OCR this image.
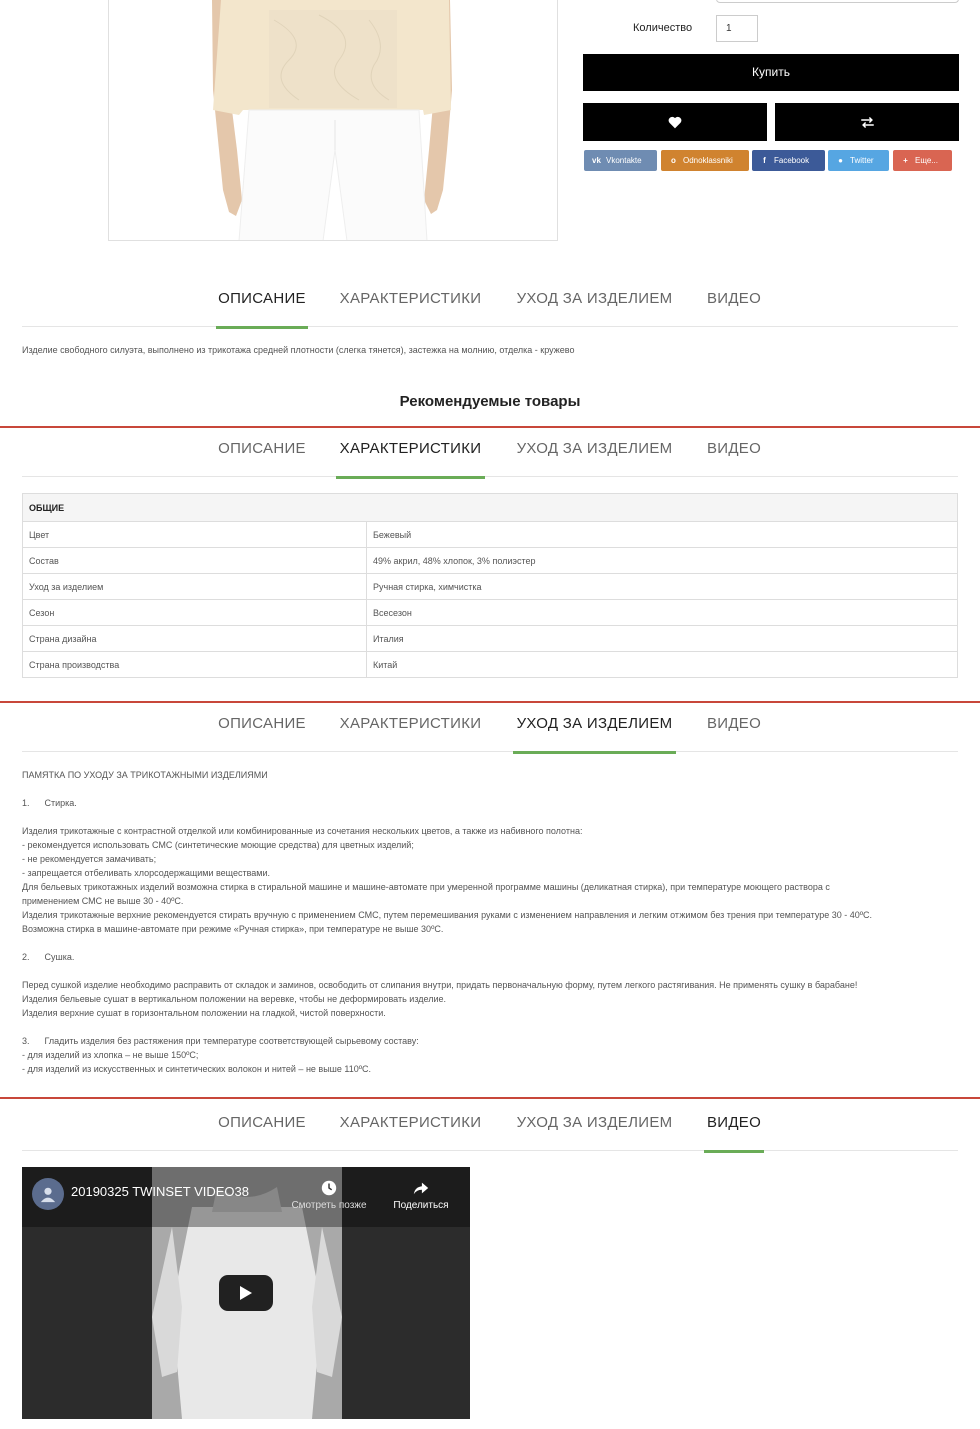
Количество	1
Купить
vk Vkontakte	о Odnoklassniki	f	Facebook	● Twitter	+ Еще...
ОПИСАНИЕ ХАРАКТЕРИСТИКИ УХОД ЗА ИЗДЕЛИЕМ ВИДЕО
Изделие свободного силуэта, выполнено из трикотажа средней плотности (слегка тянется), застежка на молнию, отделка - кружево
Рекомендуемые товары
ОПИСАНИЕ ХАРАКТЕРИСТИКИ УХОД ЗА ИЗДЕЛИЕМ ВИДЕО
ОБЩИЕ	
Цвет	Бежевый
Состав	49% акрил, 48% хлопок, 3% полиэстер
Уход за изделием	Ручная стирка, химчистка
Сезон	Всесезон
Страна дизайна	Италия
Страна производства	Китай
ОПИСАНИЕ ХАРАКТЕРИСТИКИ УХОД ЗА ИЗДЕЛИЕМ ВИДЕО
ПАМЯТКА ПО УХОДУ ЗА ТРИКОТАЖНЫМИ ИЗДЕЛИЯМИ
1.      Стирка.
Изделия трикотажные с контрастной отделкой или комбинированные из сочетания нескольких цветов, а также из набивного полотна:
- рекомендуется использовать СМС (синтетические моющие средства) для цветных изделий;
- не рекомендуется замачивать;
- запрещается отбеливать хлорсодержащими веществами.
Для бельевых трикотажных изделий возможна стирка в стиральной машине и машине-автомате при умеренной программе машины (деликатная стирка), при температуре моющего раствора с
применением СМС не выше 30 - 40ºС.
Изделия трикотажные верхние рекомендуется стирать вручную с применением СМС, путем перемешивания руками с изменением направления и легким отжимом без трения при температуре 30 - 40ºС.
Возможна стирка в машине-автомате при режиме «Ручная стирка», при температуре не выше 30ºС.
2.      Сушка.
Перед сушкой изделие необходимо расправить от складок и заминов, освободить от слипания внутри, придать первоначальную форму, путем легкого растягивания. Не применять сушку в барабане!
Изделия бельевые сушат в вертикальном положении на веревке, чтобы не деформировать изделие.
Изделия верхние сушат в горизонтальном положении на гладкой, чистой поверхности.
3.      Гладить изделия без растяжения при температуре соответствующей сырьевому составу:
- для изделий из хлопка – не выше 150ºС;
- для изделий из искусственных и синтетических волокон и нитей – не выше 110ºС.
ОПИСАНИЕ ХАРАКТЕРИСТИКИ УХОД ЗА ИЗДЕЛИЕМ ВИДЕО
20190325 TWINSET VIDEO38
Смотреть позже	Поделиться
